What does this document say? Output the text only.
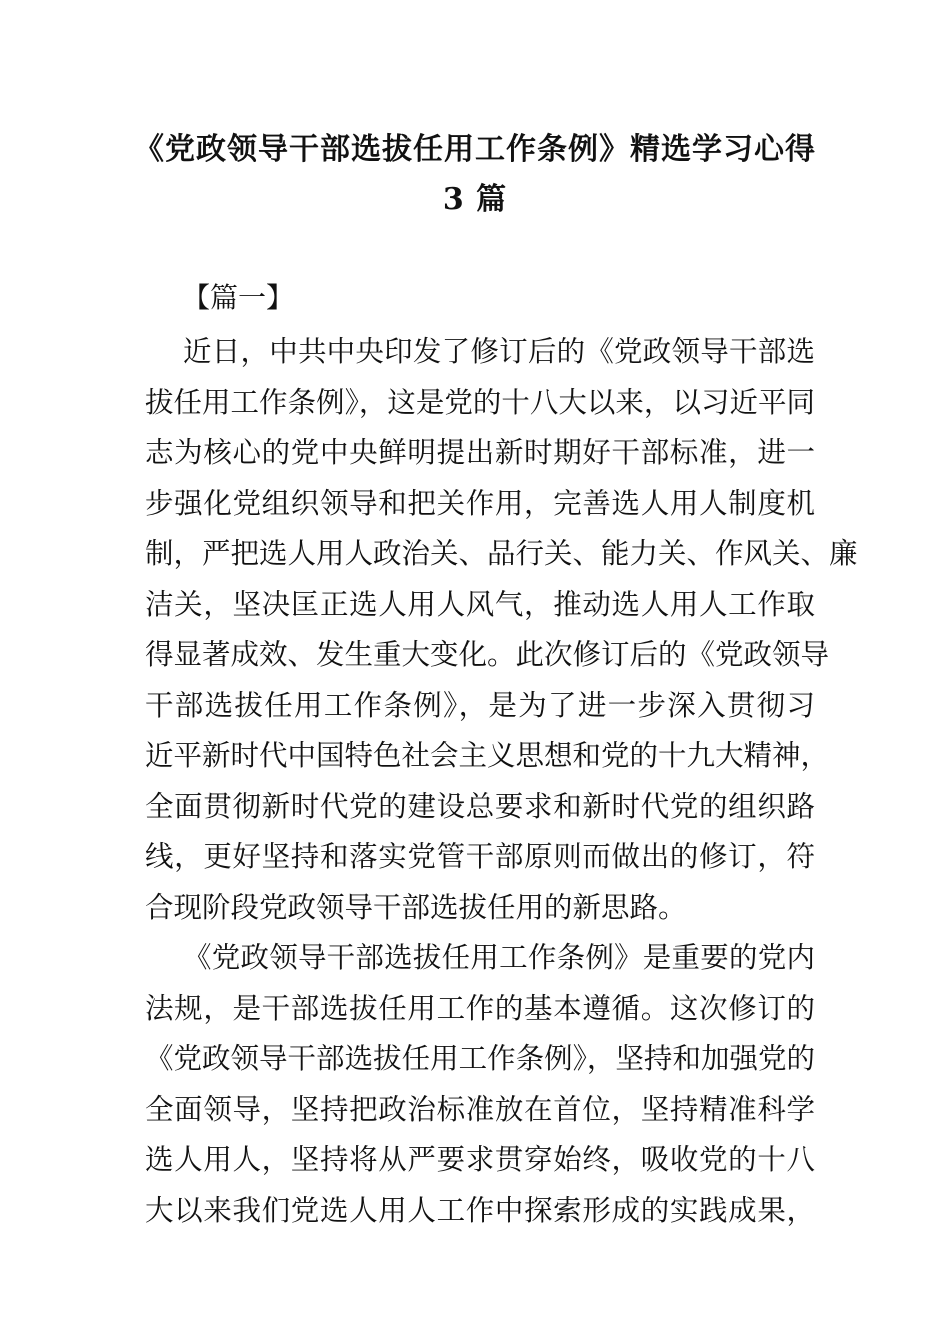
《党政领导干部选拔任用工作条例》精选学习心得
3 篇
【篇一】
近日，中共中央印发了修订后的《党政领导干部选
拔任用工作条例》，这是党的十八大以来，以习近平同
志为核心的党中央鲜明提出新时期好干部标准，进一
步强化党组织领导和把关作用，完善选人用人制度机
制，严把选人用人政治关、品行关、能力关、作风关、廉
洁关，坚决匡正选人用人风气，推动选人用人工作取
得显著成效、发生重大变化。此次修订后的《党政领导
干部选拔任用工作条例》，是为了进一步深入贯彻习
近平新时代中国特色社会主义思想和党的十九大精神，
全面贯彻新时代党的建设总要求和新时代党的组织路
线，更好坚持和落实党管干部原则而做出的修订，符
合现阶段党政领导干部选拔任用的新思路。
《党政领导干部选拔任用工作条例》是重要的党内
法规，是干部选拔任用工作的基本遵循。这次修订的
《党政领导干部选拔任用工作条例》，坚持和加强党的
全面领导，坚持把政治标准放在首位，坚持精准科学
选人用人，坚持将从严要求贯穿始终，吸收党的十八
大以来我们党选人用人工作中探索形成的实践成果，
